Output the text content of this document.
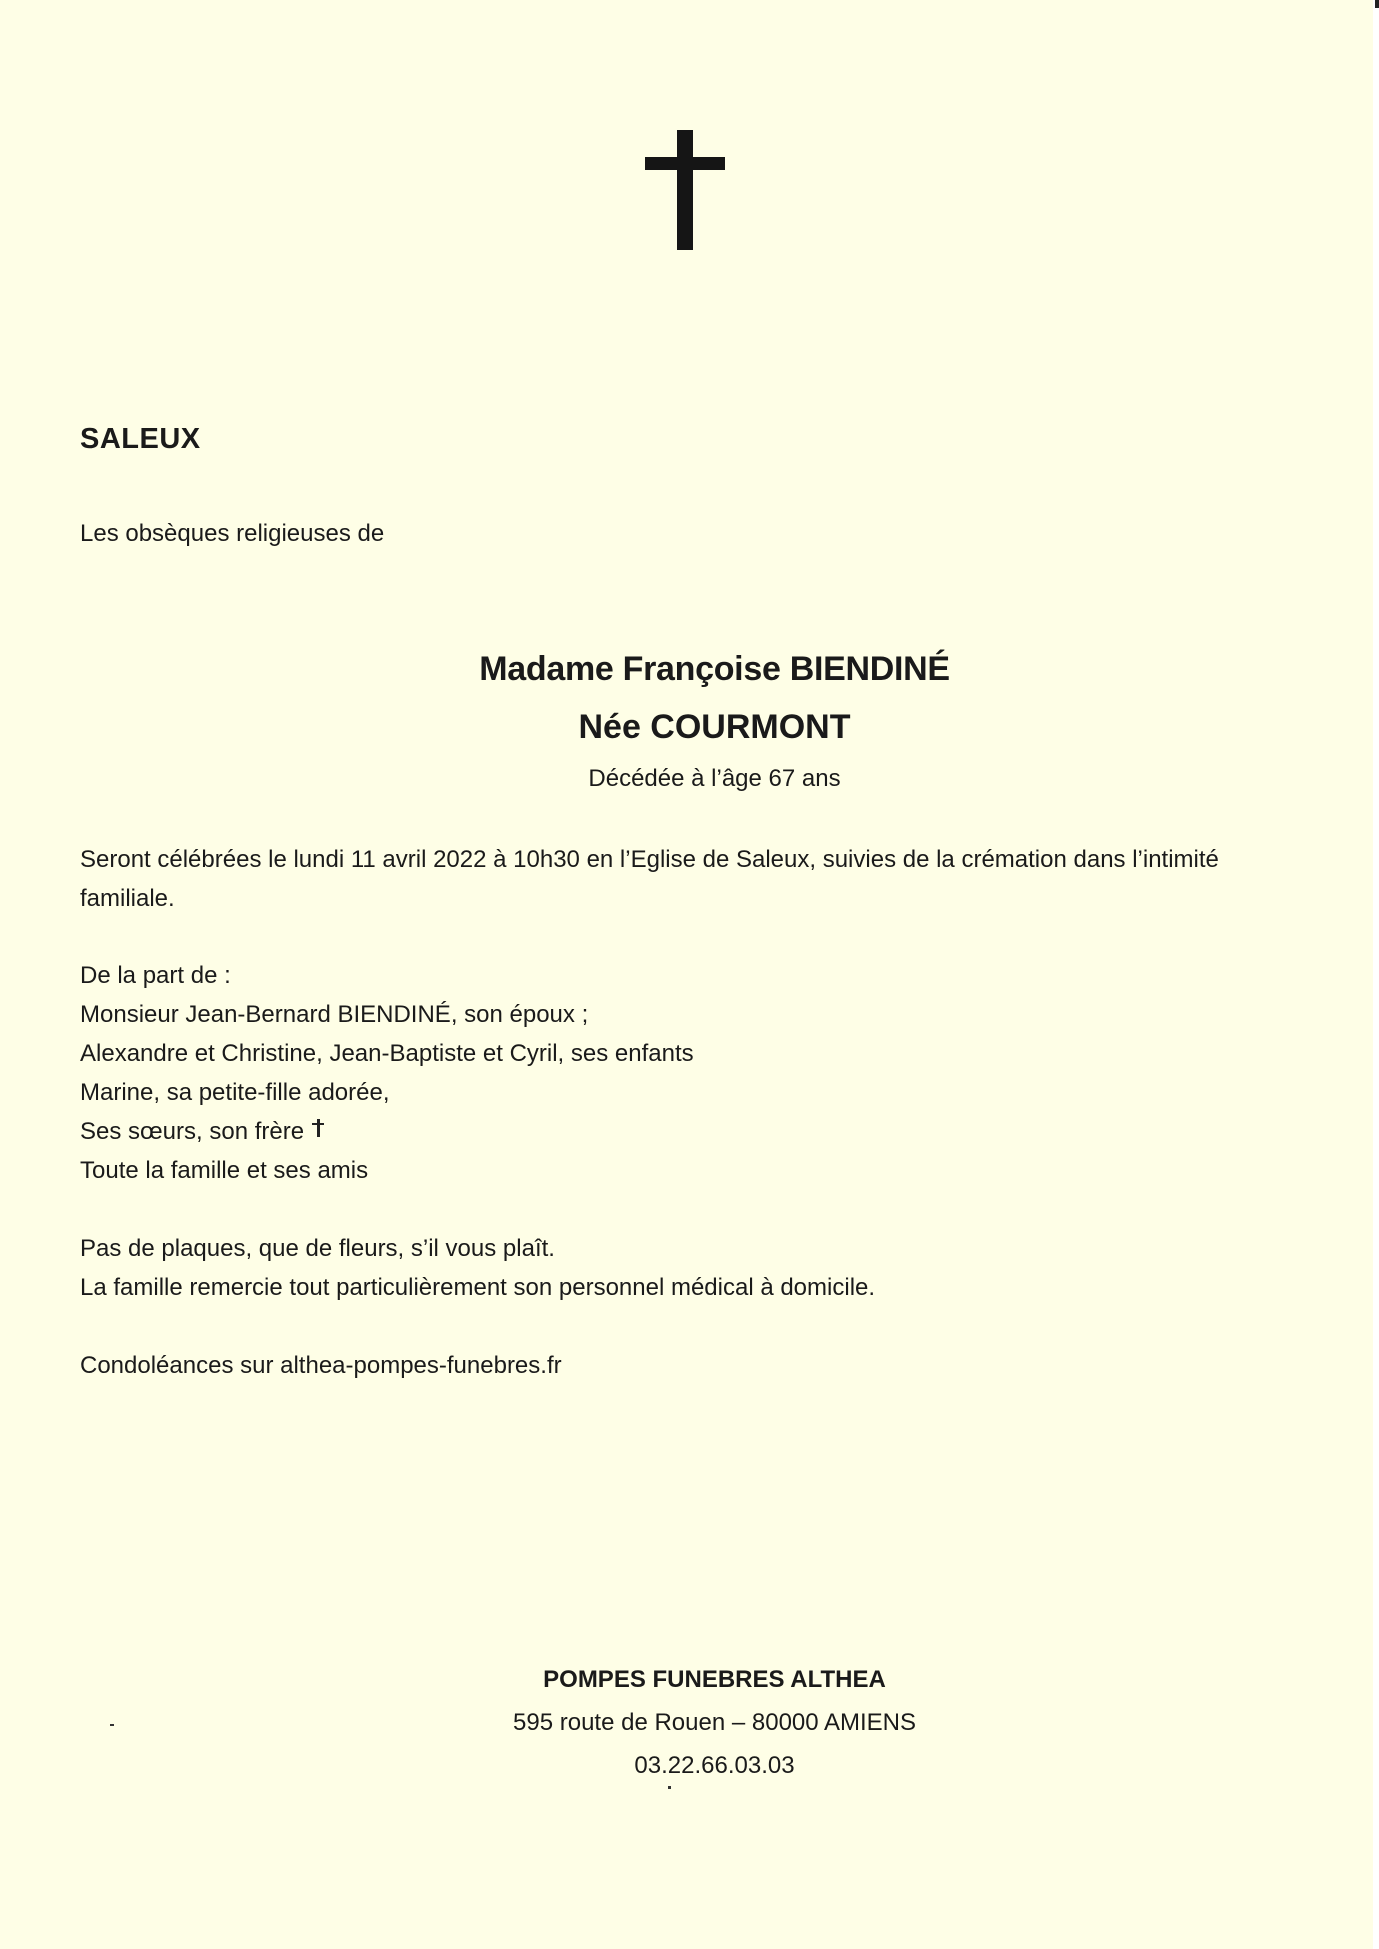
SALEUX
Les obsèques religieuses de
Madame Françoise BIENDINÉ
Née COURMONT
Décédée à l’âge 67 ans
Seront célébrées le lundi 11 avril 2022 à 10h30 en l’Eglise de Saleux, suivies de la crémation dans l’intimité
familiale.
De la part de :
Monsieur Jean-Bernard BIENDINÉ, son époux ;
Alexandre et Christine, Jean-Baptiste et Cyril, ses enfants
Marine, sa petite-fille adorée,
Ses sœurs, son frère
Toute la famille et ses amis
Pas de plaques, que de fleurs, s’il vous plaît.
La famille remercie tout particulièrement son personnel médical à domicile.
Condoléances sur althea-pompes-funebres.fr
POMPES FUNEBRES ALTHEA
595 route de Rouen – 80000 AMIENS
03.22.66.03.03
